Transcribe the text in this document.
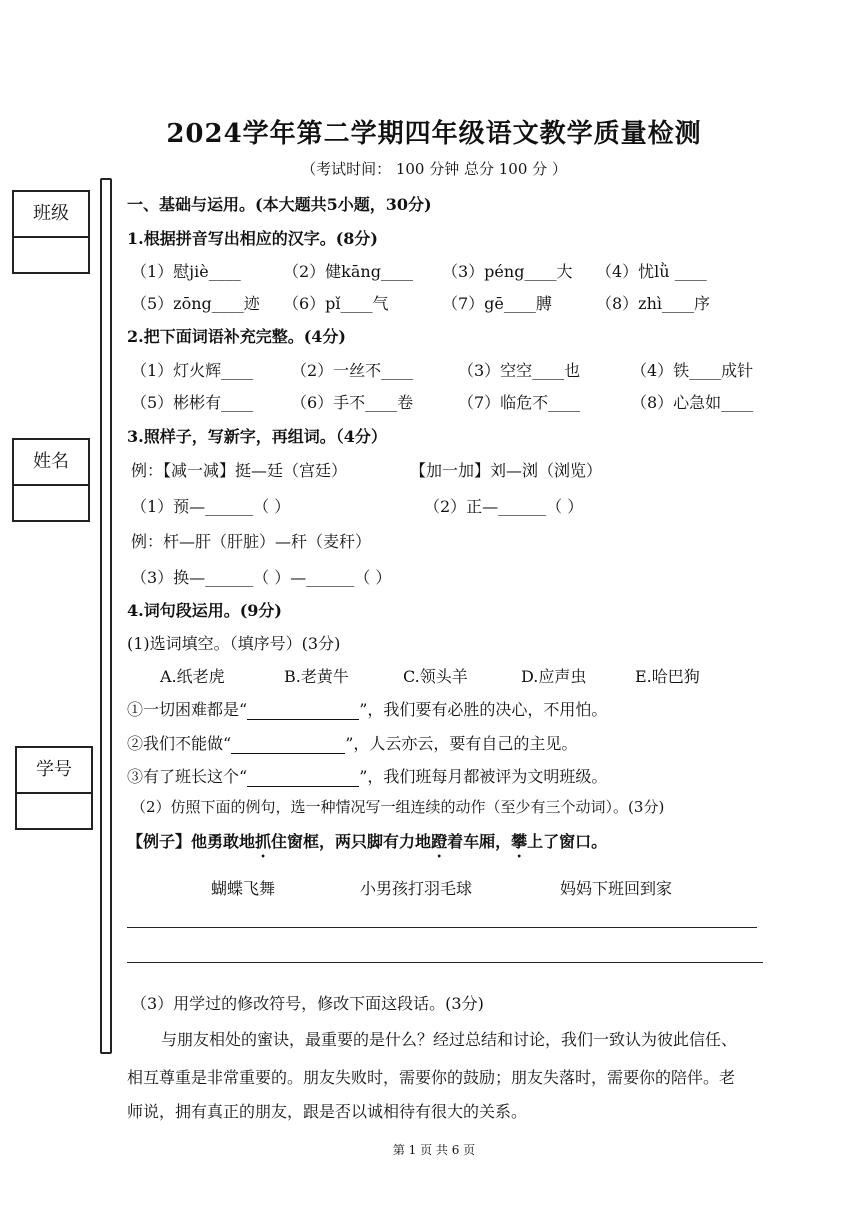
2024学年第二学期四年级语文教学质量检测
（考试时间： 100 分钟 总分 100 分 ）
班级
姓名
学号
一、基础与运用。(本大题共5小题，30分)
1.根据拼音写出相应的汉字。(8分)
（1）慰jiè____	（2）健kāng____ （3）péng____大 （4）忧lǜ ____
（5）zōng____迹 （6）pǐ____气	（7）gē____膊	（8）zhì____序
2.把下面词语补充完整。(4分)
（1）灯火辉____ （2）一丝不____	（3）空空____也	（4）铁____成针
（5）彬彬有____ （6）手不____卷	（7）临危不____	（8）心急如____
3.照样子，写新字，再组词。（4分）
例：【减一减】挺—廷（宫廷）	【加一加】刘—浏（浏览）
（1）预—______（ ）	（2）正—______（ ）
例：杆—肝（肝脏）—秆（麦秆）
（3）换—______（ ）—______（ ）
4.词句段运用。(9分)
(1)选词填空。（填序号）(3分)
A.纸老虎	B.老黄牛	C.领头羊	D.应声虫	E.哈巴狗
①一切困难都是“	”，我们要有必胜的决心，不用怕。
②我们不能做“	”，人云亦云，要有自己的主见。
③有了班长这个“	”，我们班每月都被评为文明班级。
（2）仿照下面的例句，选一种情况写一组连续的动作（至少有三个动词）。(3分)
【例子】他勇敢地抓住窗框，两只脚有力地蹬着车厢，攀上了窗口。
蝴蝶飞舞	小男孩打羽毛球	妈妈下班回到家
（3）用学过的修改符号，修改下面这段话。(3分)
与朋友相处的蜜诀，最重要的是什么？经过总结和讨论，我们一致认为彼此信任、
相互尊重是非常重要的。朋友失败时，需要你的鼓励；朋友失落时，需要你的陪伴。老
师说，拥有真正的朋友，跟是否以诚相待有很大的关系。
第 1 页 共 6 页
